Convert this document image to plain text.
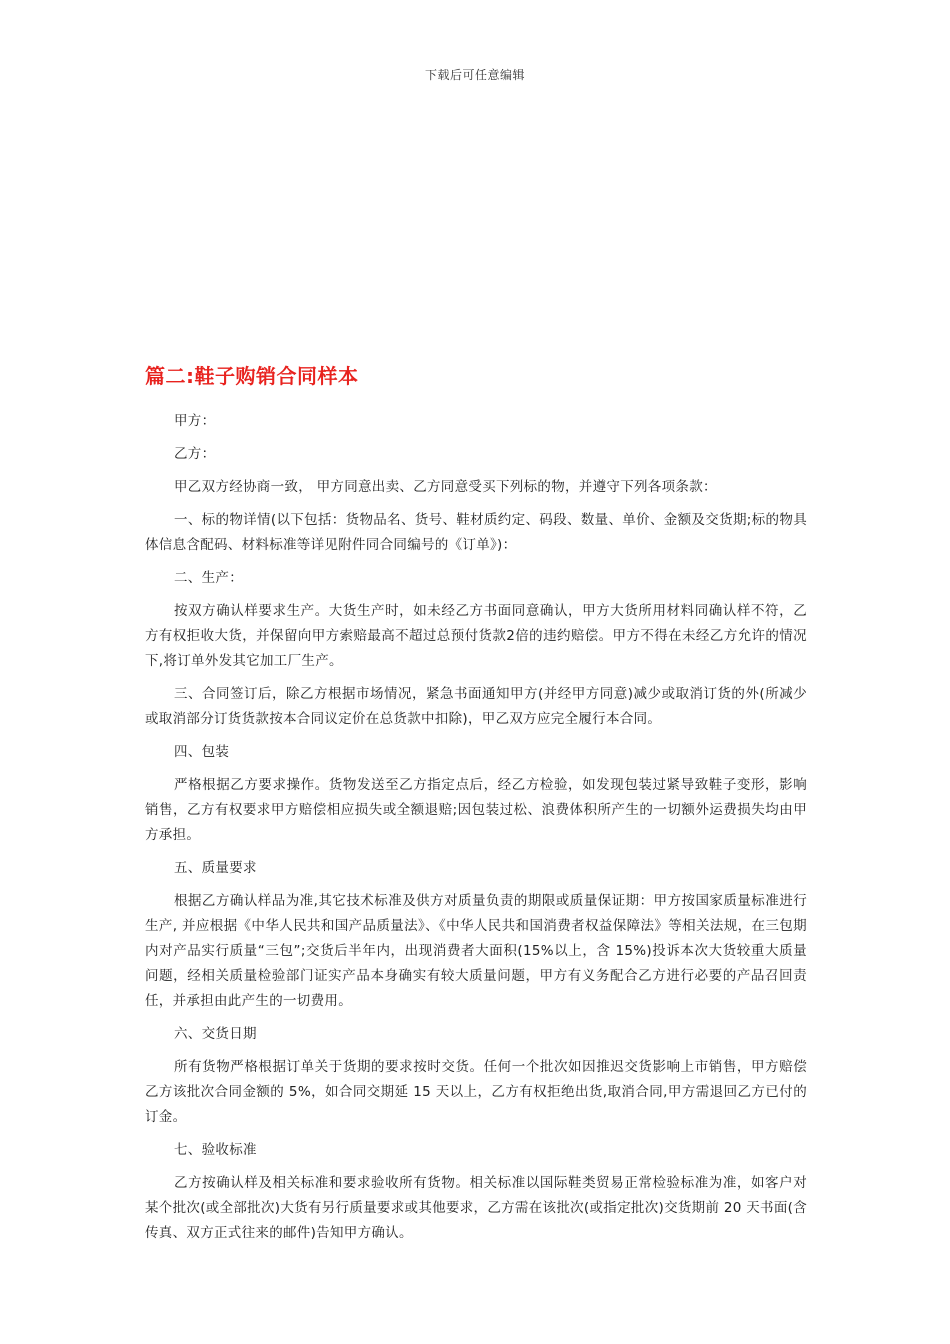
下载后可任意编辑
篇二:鞋子购销合同样本

甲方：

乙方：

甲乙双方经协商一致， 甲方同意出卖、乙方同意受买下列标的物，并遵守下列各项条款：

一、标的物详情(以下包括：货物品名、货号、鞋材质约定、码段、数量、单价、金额及交货期;标的物具体信息含配码、材料标准等详见附件同合同编号的《订单》)：

二、生产：

按双方确认样要求生产。大货生产时，如未经乙方书面同意确认，甲方大货所用材料同确认样不符，乙方有权拒收大货，并保留向甲方索赔最高不超过总预付货款2倍的违约赔偿。甲方不得在未经乙方允许的情况下,将订单外发其它加工厂生产。

三、合同签订后，除乙方根据市场情况，紧急书面通知甲方(并经甲方同意)减少或取消订货的外(所减少或取消部分订货货款按本合同议定价在总货款中扣除)，甲乙双方应完全履行本合同。

四、包装

严格根据乙方要求操作。货物发送至乙方指定点后，经乙方检验，如发现包装过紧导致鞋子变形，影响销售，乙方有权要求甲方赔偿相应损失或全额退赔;因包装过松、浪费体积所产生的一切额外运费损失均由甲方承担。

五、质量要求

根据乙方确认样品为准,其它技术标准及供方对质量负责的期限或质量保证期：甲方按国家质量标准进行生产, 并应根据《中华人民共和国产品质量法》、《中华人民共和国消费者权益保障法》等相关法规，在三包期内对产品实行质量“三包”;交货后半年内，出现消费者大面积(15%以上，含 15%)投诉本次大货较重大质量问题，经相关质量检验部门证实产品本身确实有较大质量问题，甲方有义务配合乙方进行必要的产品召回责任，并承担由此产生的一切费用。

六、交货日期

所有货物严格根据订单关于货期的要求按时交货。任何一个批次如因推迟交货影响上市销售，甲方赔偿乙方该批次合同金额的 5%，如合同交期延 15 天以上，乙方有权拒绝出货,取消合同,甲方需退回乙方已付的订金。

七、验收标准

乙方按确认样及相关标准和要求验收所有货物。相关标准以国际鞋类贸易正常检验标准为准，如客户对某个批次(或全部批次)大货有另行质量要求或其他要求，乙方需在该批次(或指定批次)交货期前 20 天书面(含传真、双方正式往来的邮件)告知甲方确认。
